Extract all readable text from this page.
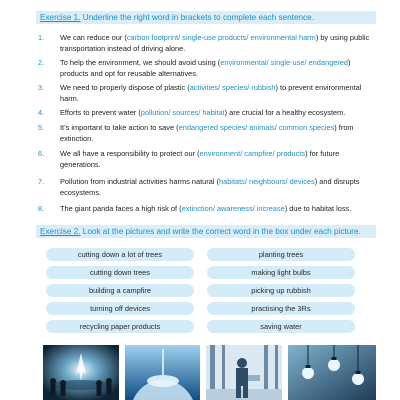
Exercise 1. Underline the right word in brackets to complete each sentence.
1. We can reduce our (carbon footprint/ single-use products/ environmental harm) by using public transportation instead of driving alone.
2. To help the environment, we should avoid using (environmental/ single-use/ endangered) products and opt for reusable alternatives.
3. We need to properly dispose of plastic (activities/ species/ rubbish) to prevent environmental harm.
4. Efforts to prevent water (pollution/ sources/ habitat) are crucial for a healthy ecosystem.
5. It’s important to take action to save (endangered species/ animals/ common species) from extinction.
6. We all have a responsibility to protect our (environment/ campfire/ products) for future generations.
7. Pollution from industrial activities harms natural (habitats/ neighbours/ devices) and disrupts ecosystems.
8. The giant panda faces a high risk of (extinction/ awareness/ increase) due to habitat loss.
Exercise 2. Look at the pictures and write the correct word in the box under each picture.
cutting down a lot of trees	planting trees
cutting down trees	making light bulbs
building a campfire	picking up rubbish
turning off devices	practising the 3Rs
recycling paper products	saving water
